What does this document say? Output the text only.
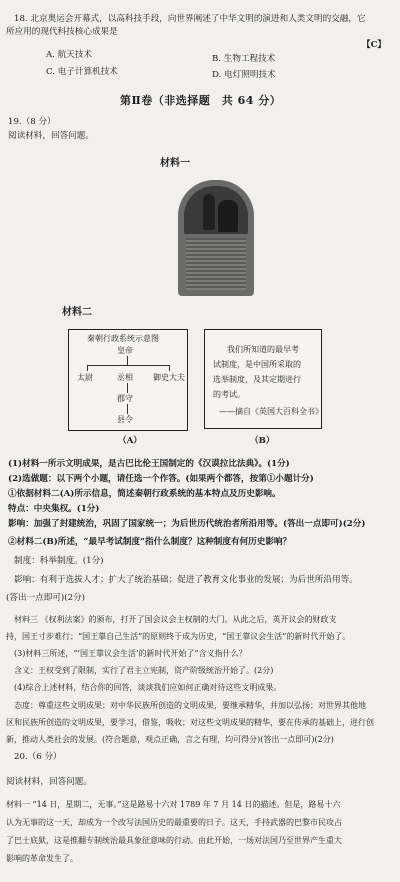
18. 北京奥运会开幕式，以高科技手段，向世界阐述了中华文明的演进和人类文明的交融，它
所应用的现代科技核心成果是
【C】
A. 航天技术	B. 生物工程技术
C. 电子计算机技术	D. 电灯照明技术
第Ⅱ卷（非选择题　共 64 分）
19.（8 分）
阅读材料，回答问题。
材料一
材料二
秦朝行政系统示意图
皇帝
太尉	丞相	御史大夫
郡守
县令
我们所知道的最早考
试制度，是中国所采取的
选举制度，及其定期进行
的考试。
——摘自《英国大百科全书》
（A）	（B）
(1)材料一所示文明成果，是古巴比伦王国制定的《汉谟拉比法典》。(1分)
(2)选做题：以下两个小题，请任选一个作答。(如果两个都答，按第①小题计分)
①依据材料二(A)所示信息，简述秦朝行政系统的基本特点及历史影响。
特点：中央集权。(1分)
影响：加强了封建统治，巩固了国家统一；为后世历代统治者所沿用等。(答出一点即可)(2分)
②材料二(B)所述，“最早考试制度”指什么制度？这种制度有何历史影响？
制度：科举制度。(1分)
影响：有利于选拔人才；扩大了统治基础；促进了教育文化事业的发展；为后世所沿用等。
(答出一点即可)(2分)
材料三 《权利法案》的颁布，打开了国会议会主权制的大门。从此之后，英开议会的财政支
持，国王寸步难行；“国王靠自己生活”的原则终于成为历史，“国王靠议会生活”的新时代开始了。
(3)材料三所述，“‘国王靠议会生活’的新时代开始了”含义指什么？
含义：王权受到了限制，实行了君主立宪制，资产阶级统治开始了。(2分)
(4)综合上述材料，结合你的回答，谈谈我们应如何正确对待这些文明成果。
态度：尊重这些文明成果；对中华民族所创造的文明成果，要继承精华，并加以弘扬；对世界其他地
区和民族所创造的文明成果，要学习，借鉴，吸收；对这些文明成果的精华，要在传承的基础上，进行创
新，推动人类社会的发展。(符合题意，观点正确，言之有理，均可得分)(答出一点即可)(2分)
20.（6 分）
阅读材料，回答问题。
材料一 “14 日，星期二，无事。”这是路易十六对 1789 年 7 月 14 日的描述。但是，路易十六
认为无事的这一天，却成为一个改写法国历史的最重要的日子。这天，手持武器的巴黎市民攻占
了巴士底狱，这是推翻专制统治最具象征意味的行动。由此开始，一场对法国乃至世界产生重大
影响的革命发生了。
